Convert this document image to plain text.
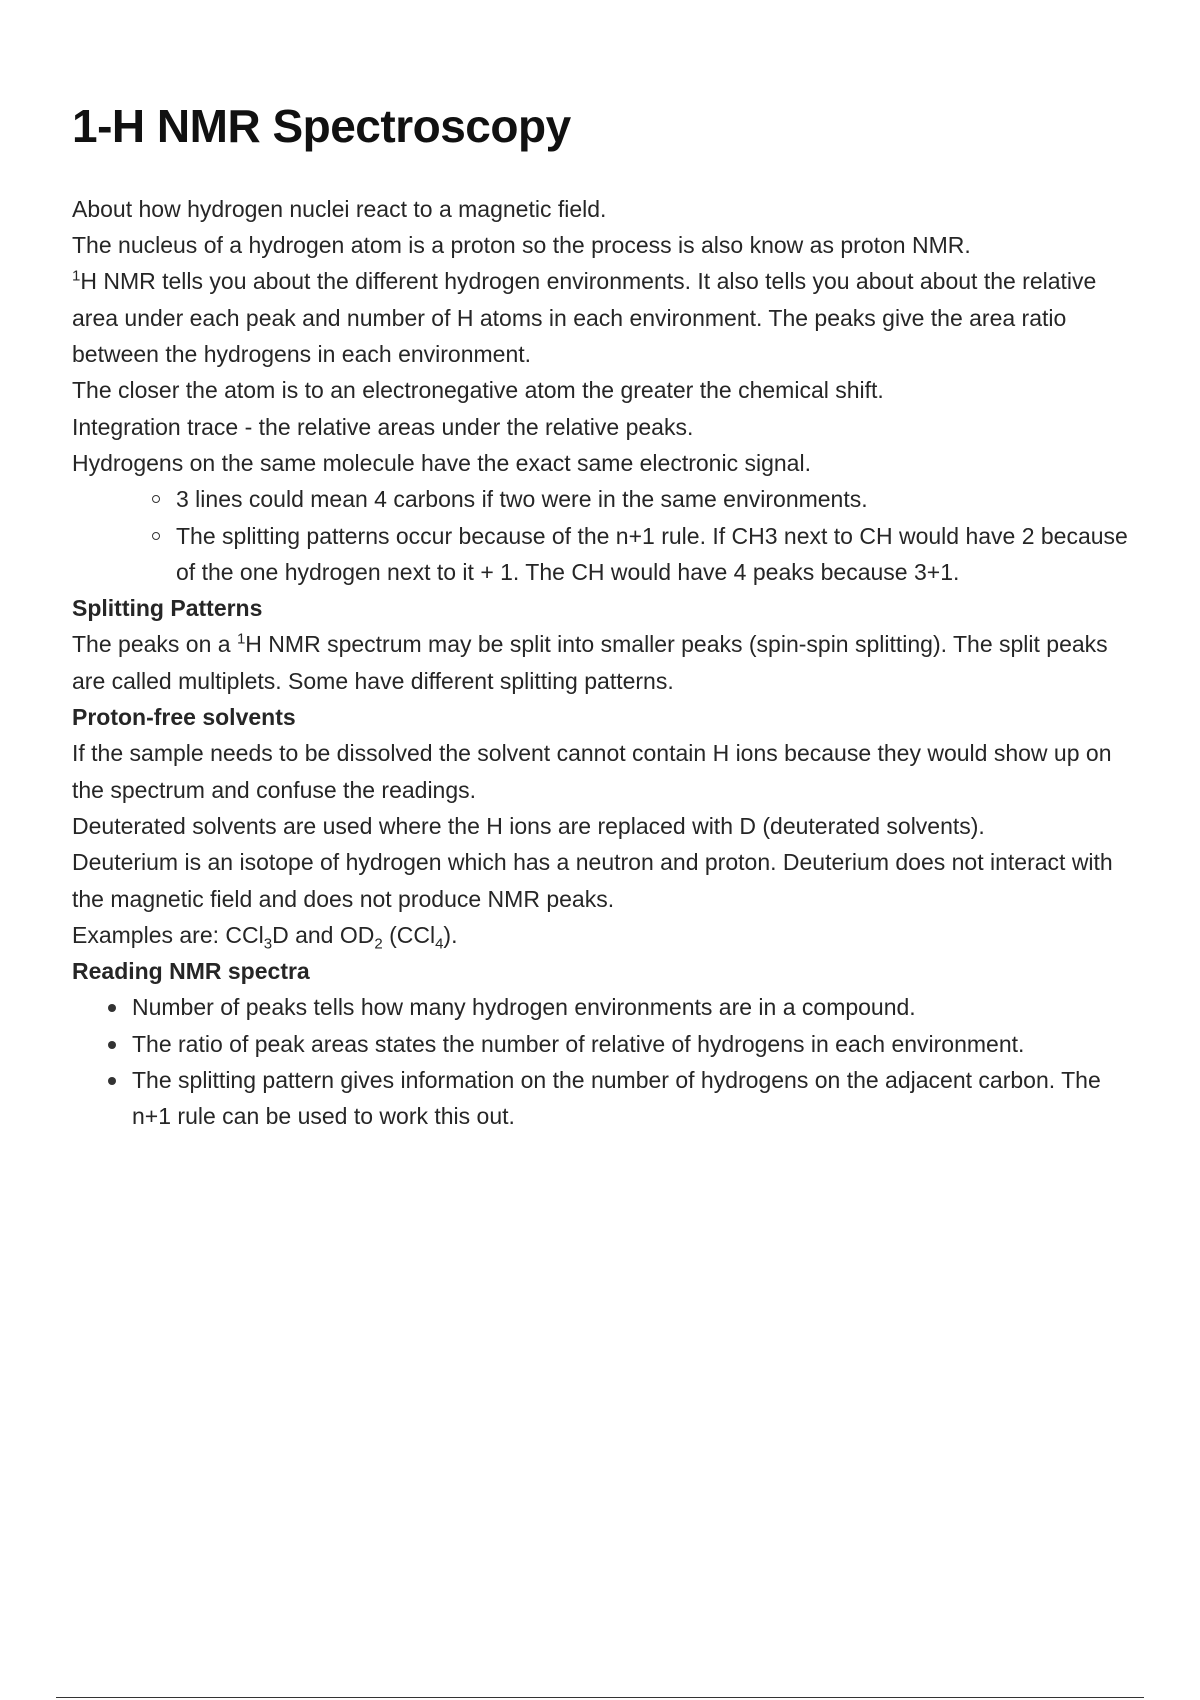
1-H NMR Spectroscopy

About how hydrogen nuclei react to a magnetic field.

The nucleus of a hydrogen atom is a proton so the process is also know as proton NMR.

$^1$H NMR tells you about the different hydrogen environments. It also tells you about about the relative area under each peak and number of H atoms in each environment. The peaks give the area ratio between the hydrogens in each environment.

The closer the atom is to an electronegative atom the greater the chemical shift.

Integration trace - the relative areas under the relative peaks.

Hydrogens on the same molecule have the exact same electronic signal.

3 lines could mean 4 carbons if two were in the same environments.
The splitting patterns occur because of the n+1 rule. If CH3 next to CH would have 2 because of the one hydrogen next to it + 1. The CH would have 4 peaks because 3+1.

Splitting Patterns

The peaks on a $^1$H NMR spectrum may be split into smaller peaks (spin-spin splitting). The split peaks are called multiplets. Some have different splitting patterns.

Proton-free solvents

If the sample needs to be dissolved the solvent cannot contain H ions because they would show up on the spectrum and confuse the readings.

Deuterated solvents are used where the H ions are replaced with D (deuterated solvents).

Deuterium is an isotope of hydrogen which has a neutron and proton. Deuterium does not interact with the magnetic field and does not produce NMR peaks.

Examples are: CCl$_3$D and $OD_2$ (CCl$_4$).

Reading NMR spectra

Number of peaks tells how many hydrogen environments are in a compound.
The ratio of peak areas states the number of relative of hydrogens in each environment.
The splitting pattern gives information on the number of hydrogens on the adjacent carbon. The n+1 rule can be used to work this out.
